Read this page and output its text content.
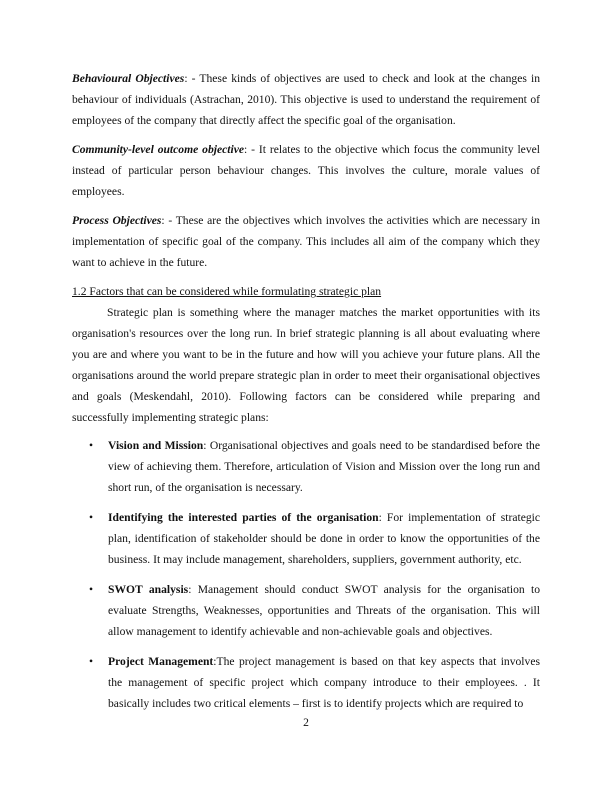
Behavioural Objectives: - These kinds of objectives are used to check and look at the changes in behaviour of individuals (Astrachan, 2010). This objective is used to understand the requirement of employees of the company that directly affect the specific goal of the organisation.

Community-level outcome objective: - It relates to the objective which focus the community level instead of particular person behaviour changes. This involves the culture, morale values of employees.

Process Objectives: - These are the objectives which involves the activities which are necessary in implementation of specific goal of the company. This includes all aim of the company which they want to achieve in the future.

1.2 Factors that can be considered while formulating strategic plan

Strategic plan is something where the manager matches the market opportunities with its organisation's resources over the long run. In brief strategic planning is all about evaluating where you are and where you want to be in the future and how will you achieve your future plans. All the organisations around the world prepare strategic plan in order to meet their organisational objectives and goals (Meskendahl, 2010). Following factors can be considered while preparing and successfully implementing strategic plans:

• Vision and Mission: Organisational objectives and goals need to be standardised before the view of achieving them. Therefore, articulation of Vision and Mission over the long run and short run, of the organisation is necessary.
• Identifying the interested parties of the organisation: For implementation of strategic plan, identification of stakeholder should be done in order to know the opportunities of the business. It may include management, shareholders, suppliers, government authority, etc.
• SWOT analysis: Management should conduct SWOT analysis for the organisation to evaluate Strengths, Weaknesses, opportunities and Threats of the organisation. This will allow management to identify achievable and non-achievable goals and objectives.
• Project Management:The project management is based on that key aspects that involves the management of specific project which company introduce to their employees. . It basically includes two critical elements – first is to identify projects which are required to
2
